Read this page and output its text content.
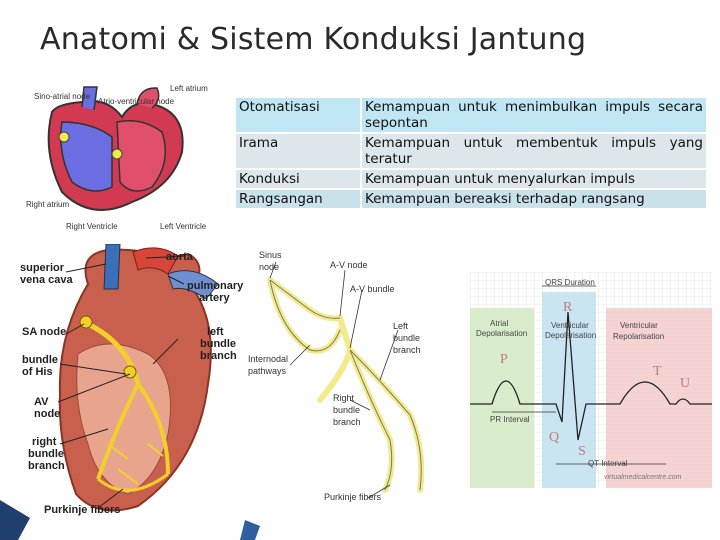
Anatomi & Sistem Konduksi Jantung
Sino-atrial node
Left atrium
Atrio-ventricular node
Right atrium
Right Ventricle	Left Ventricle
Otomatisasi	Kemampuan untuk menimbulkan impuls secara sepontan
Irama	Kemampuan untuk membentuk impuls yang teratur
Konduksi	Kemampuan untuk menyalurkan impuls
Rangsangan	Kemampuan bereaksi terhadap rangsang
superior
vena cava
aorta
pulmonary
artery
SA node	left
bundle
branch
bundle
of His
AV
node
right
bundle
branch
Purkinje fibers
Sinus
node	A-V node
A-V bundle
Left
bundle
branch
Internodal
pathways
Right
bundle
branch
Purkinje fibers
QRS Duration
Atrial
Depolarisation
Ventricular
Depolarisation
Ventricular
Repolarisation
R
P
T
U
Q
S
PR Interval
QT Interval
virtualmedicalcentre.com
